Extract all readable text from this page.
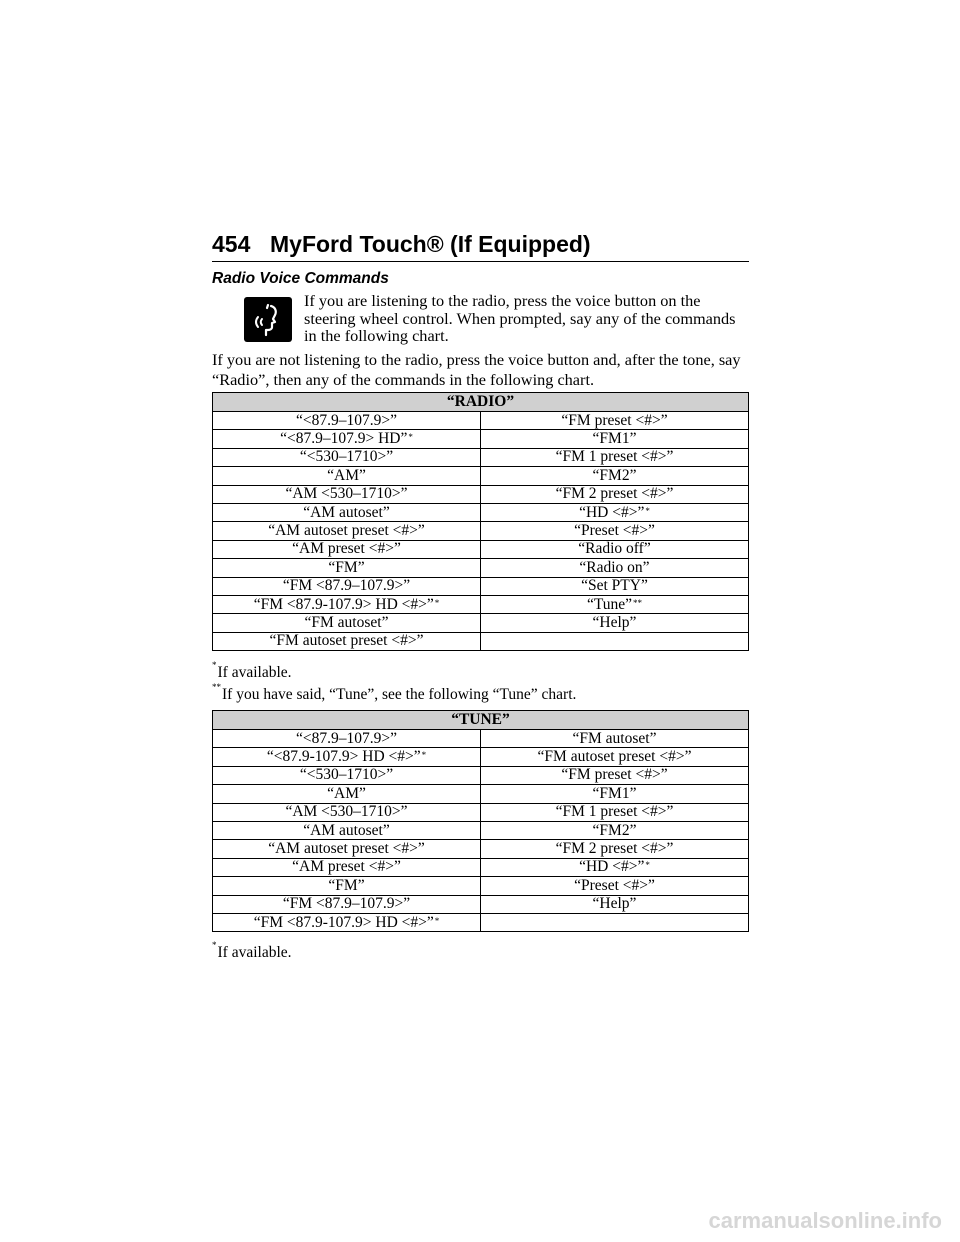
454 MyFord Touch® (If Equipped)
Radio Voice Commands

If you are listening to the radio, press the voice button on the steering wheel control. When prompted, say any of the commands in the following chart.

If you are not listening to the radio, press the voice button and, after the tone, say “Radio”, then any of the commands in the following chart.

“RADIO”	
“<87.9–107.9>”	“FM preset <#>”
“<87.9–107.9> HD”*	“FM1”
“<530–1710>”	“FM 1 preset <#>”
“AM”	“FM2”
“AM <530–1710>”	“FM 2 preset <#>”
“AM autoset”	“HD <#>”*
“AM autoset preset <#>”	“Preset <#>”
“AM preset <#>”	“Radio off”
“FM”	“Radio on”
“FM <87.9–107.9>”	“Set PTY”
“FM <87.9-107.9> HD <#>”*	“Tune”**
“FM autoset”	“Help”
“FM autoset preset <#>”	

*If available.

**If you have said, “Tune”, see the following “Tune” chart.

“TUNE”	
“<87.9–107.9>”	“FM autoset”
“<87.9-107.9> HD <#>”*	“FM autoset preset <#>”
“<530–1710>”	“FM preset <#>”
“AM”	“FM1”
“AM <530–1710>”	“FM 1 preset <#>”
“AM autoset”	“FM2”
“AM autoset preset <#>”	“FM 2 preset <#>”
“AM preset <#>”	“HD <#>”*
“FM”	“Preset <#>”
“FM <87.9–107.9>”	“Help”
“FM <87.9-107.9> HD <#>”*	

*If available.

carmanualsonline.info
